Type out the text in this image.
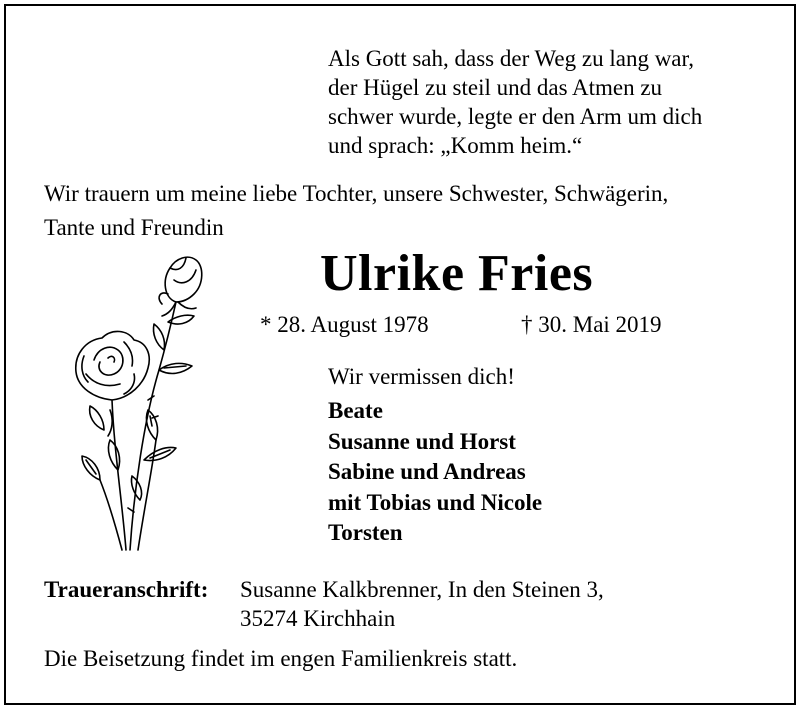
Als Gott sah, dass der Weg zu lang war,
der Hügel zu steil und das Atmen zu
schwer wurde, legte er den Arm um dich
und sprach: „Komm heim.“
Wir trauern um meine liebe Tochter, unsere Schwester, Schwägerin,
Tante und Freundin
Ulrike Fries
* 28. August 1978	† 30. Mai 2019
Wir vermissen dich!
Beate
Susanne und Horst
Sabine und Andreas
mit Tobias und Nicole
Torsten
Traueranschrift: Susanne Kalkbrenner, In den Steinen 3,
35274 Kirchhain
Die Beisetzung findet im engen Familienkreis statt.
